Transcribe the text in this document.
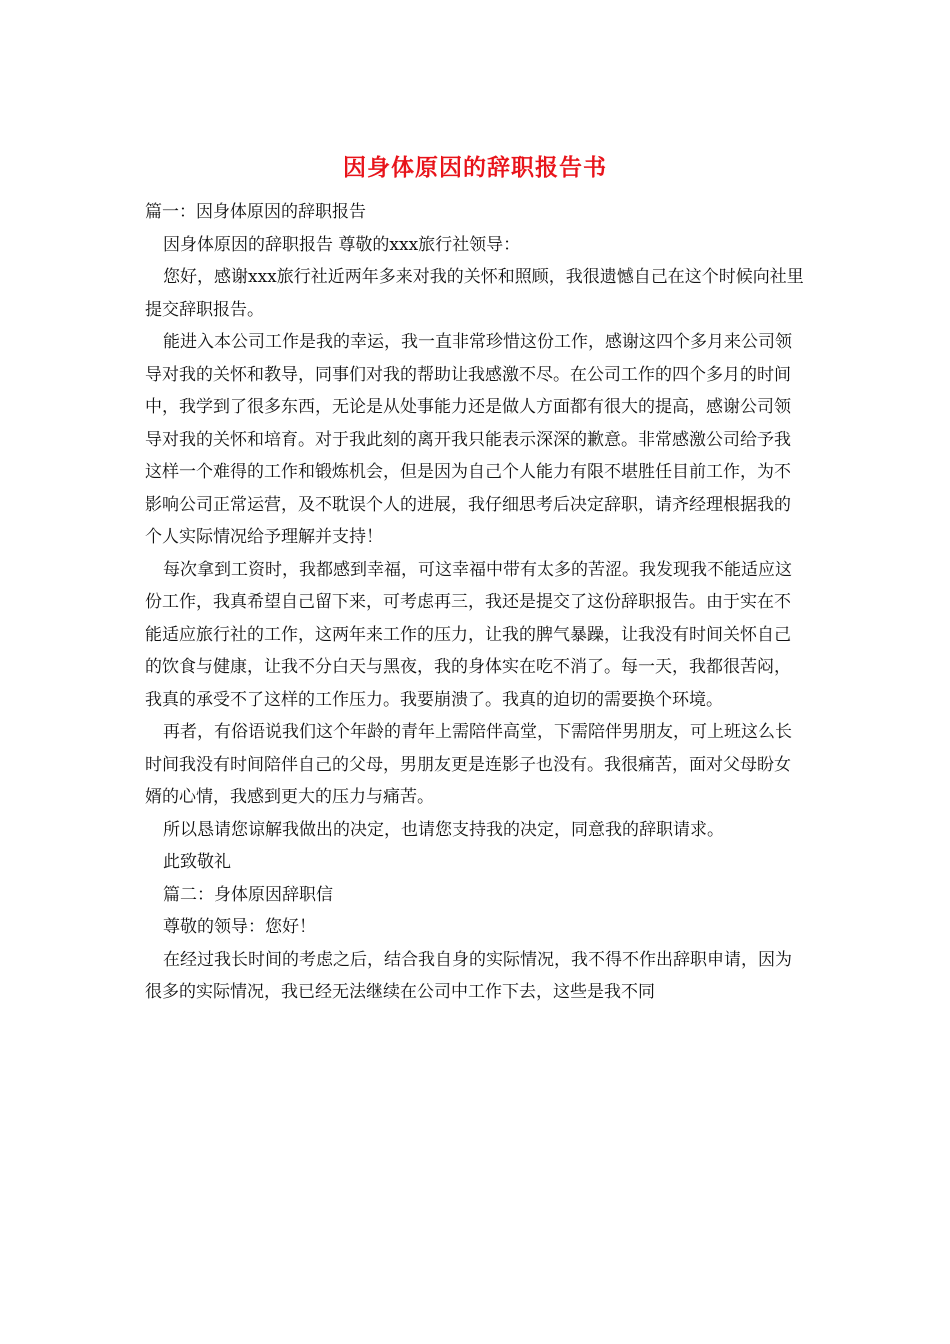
因身体原因的辞职报告书

篇一：因身体原因的辞职报告

因身体原因的辞职报告 尊敬的xxx旅行社领导：

您好，感谢xxx旅行社近两年多来对我的关怀和照顾，我很遗憾自己在这个时候向社里提交辞职报告。

能进入本公司工作是我的幸运，我一直非常珍惜这份工作，感谢这四个多月来公司领导对我的关怀和教导，同事们对我的帮助让我感激不尽。在公司工作的四个多月的时间中，我学到了很多东西，无论是从处事能力还是做人方面都有很大的提高，感谢公司领导对我的关怀和培育。对于我此刻的离开我只能表示深深的歉意。非常感激公司给予我这样一个难得的工作和锻炼机会，但是因为自己个人能力有限不堪胜任目前工作，为不影响公司正常运营，及不耽误个人的进展，我仔细思考后决定辞职，请齐经理根据我的个人实际情况给予理解并支持！

每次拿到工资时，我都感到幸福，可这幸福中带有太多的苦涩。我发现我不能适应这份工作，我真希望自己留下来，可考虑再三，我还是提交了这份辞职报告。由于实在不能适应旅行社的工作，这两年来工作的压力，让我的脾气暴躁，让我没有时间关怀自己的饮食与健康，让我不分白天与黑夜，我的身体实在吃不消了。每一天，我都很苦闷，我真的承受不了这样的工作压力。我要崩溃了。我真的迫切的需要换个环境。

再者，有俗语说我们这个年龄的青年上需陪伴高堂，下需陪伴男朋友，可上班这么长时间我没有时间陪伴自己的父母，男朋友更是连影子也没有。我很痛苦，面对父母盼女婿的心情，我感到更大的压力与痛苦。

所以恳请您谅解我做出的决定，也请您支持我的决定，同意我的辞职请求。

此致敬礼

篇二：身体原因辞职信

尊敬的领导：您好！

在经过我长时间的考虑之后，结合我自身的实际情况，我不得不作出辞职申请，因为很多的实际情况，我已经无法继续在公司中工作下去，这些是我不同
